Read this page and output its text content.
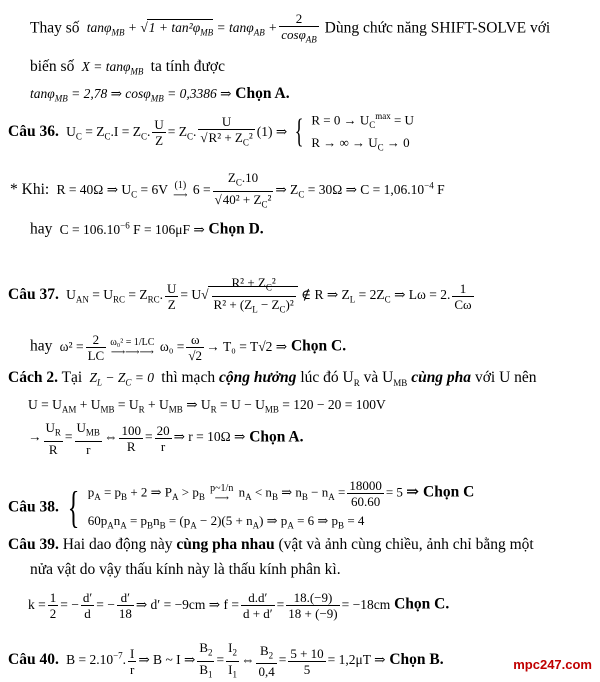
Thay số  $\tan\varphi_{MB} + √1 + \tan^2\varphi_{MB} = \tan\varphi_{AB} + \frac{2}{\cos\varphi_{AB}}$ Dùng chức năng SHIFT-SOLVE với
biến số  X = tanφ$_{MB}$ ta tính được
tanφ$_{MB}$ = 2,78 ⇒ cosφ$_{MB}$ = 0,3386 ⇒ Chọn A.
Câu 36.  $U_C = Z_C.I = Z_C$. $\frac{U}{Z} = Z_C$. $\frac{U}{√R^2 + Z_C^2} (1)$ ⇒ { $R = 0 \to U_C^{max} = U$
R → ∞ → $U_C \to 0$
* Khi:  R = 40Ω ⇒ $U_C = 6V$ (1)
⟶ $6 = \frac{Z_C.10}{√40^2 + Z_C^2}$ ⇒ $Z_C = 30\Omega$ ⇒ $C = 1,06.10^{-4}$ F
hay  $C = 106.10^{-6}$ F = 106μF ⇒ Chọn D.
Câu 37.  $U_{AN} = U_{RC} = Z_{RC}$. $\frac{U}{Z} = U√ \frac{R^2 + Z_C^2}{R^2 + (Z_L - Z_C)^2}$ ∉ R ⇒ $Z_L = 2Z_C$ ⇒ Lω = 2. $\frac{1}{C\omega}$
hay  $\omega^2 = \frac{2}{LC} \omega_0^2 = 1/LC$
⟶⟶⟶ $\omega_0 = \frac{\omega}{√2} \to T_0 = T√2$ ⇒ Chọn C.
Cách 2. Tại  $Z_L - Z_C = 0$  thì mạch cộng hưởng lúc đó $U_R$ và $U_{MB}$ cùng pha với U nên
$U = U_{AM} + U_{MB} = U_R + U_{MB}$ ⇒ $U_R = U - U_{MB} = 120 - 20 = 100V$
→ $\frac{U_R}{R} = \frac{U_{MB}}{r}$ ⇔ $\frac{100}{R} = \frac{20}{r}$ ⇒ r = 10Ω ⇒ Chọn A.
Câu 38. { $p_A = p_B + 2$ ⇒ $P_A > p_B$
p~1/n
⟶ $n_A < n_B$ ⇒ $n_B - n_A = \frac{18000}{60.60} = 5$ ⇒ Chọn C
$60p_An_A = p_Bn_B = (p_A - 2)(5 + n_A)$ ⇒ $p_A = 6$ ⇒ $p_B = 4$
Câu 39. Hai dao động này cùng pha nhau (vật và ảnh cùng chiều, ảnh chỉ bằng một
nửa vật do vậy thấu kính này là thấu kính phân kì.
$k = \frac{1}{2}$ = − $\frac{d'}{d}$ = − $\frac{d'}{18}$ ⇒ d′ = −9cm ⇒ $f = \frac{d.d'}{d + d'} = \frac{18.(-9)}{18 + (-9)} = -18cm$ Chọn C.
Câu 40.  $B = 2.10^{-7}$. $\frac{I}{r}$ ⇒ B ~ I ⇒ $\frac{B_2}{B_1} = \frac{I_2}{I_1}$ ⇔ $\frac{B_2}{0,4} = \frac{5 + 10}{5} = 1,2\mu T$ ⇒ Chọn B.	mpc247.com
